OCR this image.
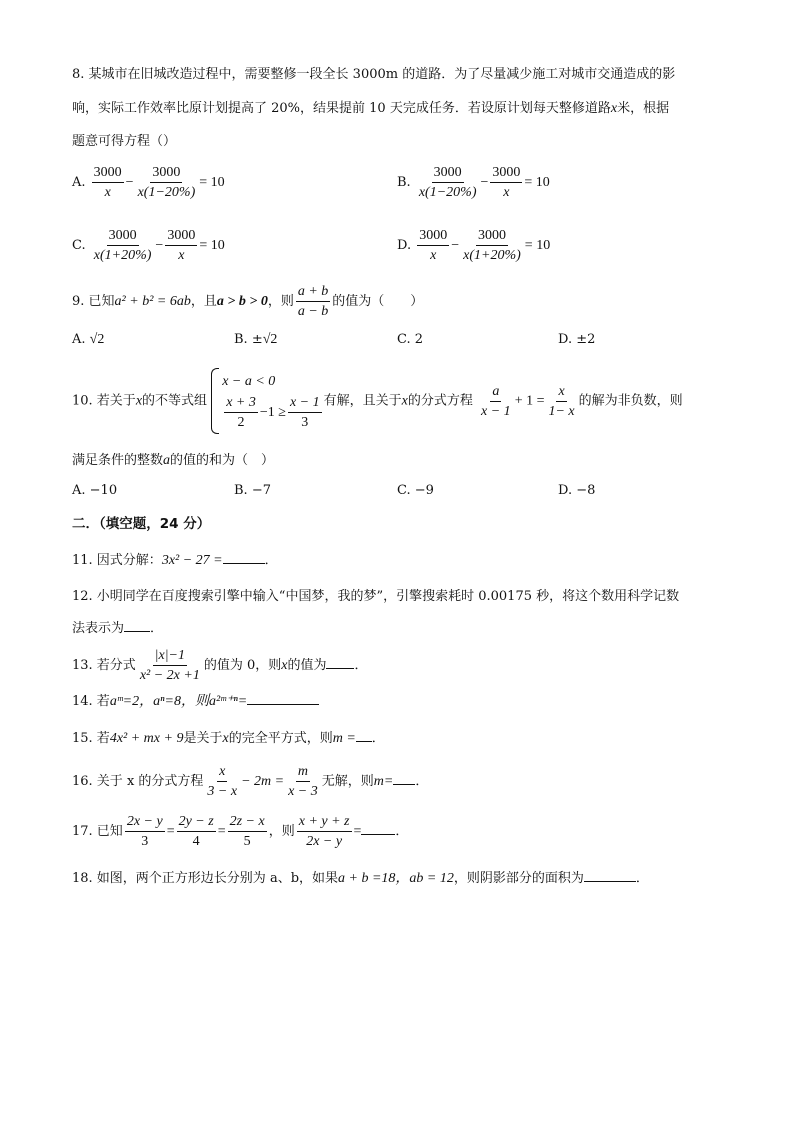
8. 某城市在旧城改造过程中，需要整修一段全长 3000m 的道路．为了尽量减少施工对城市交通造成的影
响，实际工作效率比原计划提高了 20%，结果提前 10 天完成任务．若设原计划每天整修道路x米，根据
题意可得方程（）
A. $\frac{3000}{x} - \frac{3000}{x(1-20\%)} = 10$	B. $\frac{3000}{x(1-20\%)} - \frac{3000}{x} = 10$
C. $\frac{3000}{x(1+20\%)} - \frac{3000}{x} = 10$	D. $\frac{3000}{x} - \frac{3000}{x(1+20\%)} = 10$
9. 已知a² + b² = 6ab，且a > b > 0，则 $\frac{a + b}{a - b}$ 的值为（　　）
A. √2	B. ±√2	C. 2	D. ±2
10. 若关于x的不等式组
x − a < 0
$\frac{x + 3}{2} -1 \ge \frac{x - 1}{3}$ 有解，且关于x的分式方程 $\frac{a}{x - 1} + 1 = \frac{x}{1- x}$ 的解为非负数，则
满足条件的整数a的值的和为（　）
A. −10	B. −7	C. −9	D. −8
二．（填空题，24 分）
11. 因式分解：3x² − 27 =	．
12. 小明同学在百度搜索引擎中输入“中国梦，我的梦”，引擎搜索耗时 0.00175 秒，将这个数用科学记数
法表示为 ．
13. 若分式 $\frac{|x|-1}{\text{x² − 2x +1}}$ 的值为 0，则x的值为 ．
14. 若aᵐ=2，aⁿ=8，则a²ᵐ⁺ⁿ=
15. 若4x² + mx + 9是关于x的完全平方式，则m = ．
16. 关于 x 的分式方程 $\frac{x}{3 - x} - 2m = \frac{m}{x - 3}$ 无解，则m= ．
17. 已知 $\frac{2x - y}{3} = \frac{2y - z}{4} = \frac{2z - x}{5}$ ，则 $\frac{x + y + z}{2x - y}$ =	．
18. 如图，两个正方形边长分别为 a、b，如果a + b =18，ab = 12，则阴影部分的面积为	．
